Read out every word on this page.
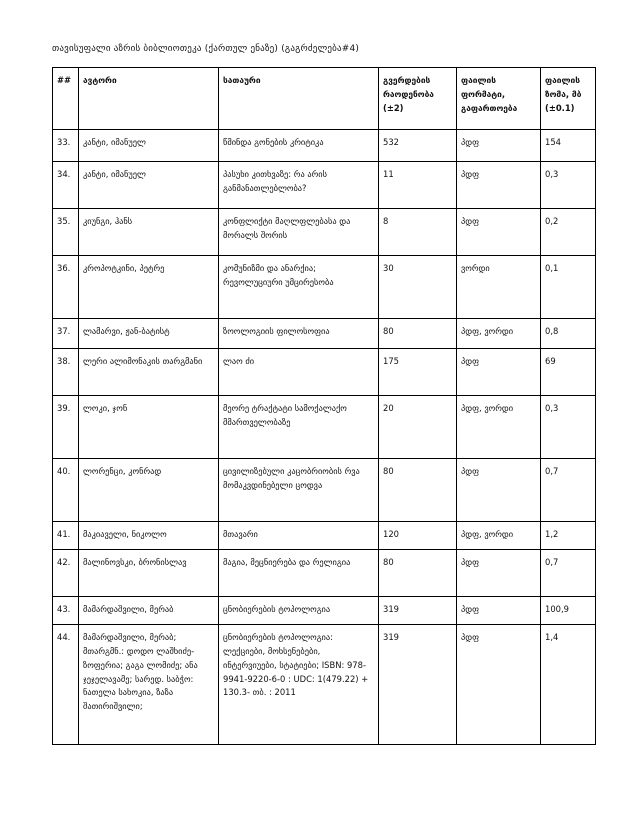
თავისუფალი აზრის ბიბლიოთეკა (ქართულ ენაზე) (გაგრძელება#4)
##	ავტორი	სათაური	გვერდების რაოდენობა (±2)	ფაილის ფორმატი, გაფართოება	ფაილის ზომა, მბ (±0.1)
33.	კანტი, იმანუელ	წმინდა გონების კრიტიკა	532	პდფ	154
34.	კანტი, იმანუელ	პასუხი კითხვაზე: რა არის განმანათლებლობა?	11	პდფ	0,3
35.	კიუნგი, ჰანს	კონფლიქტი მაღლფლებასა და მორალს შორის	8	პდფ	0,2
36.	კროპოტკინი, პეტრე	კომუნიზმი და ანარქია; რევოლუციური უმცირესობა	30	ვორდი	0,1
37.	ლამარვი, ჟან-ბატისტ	ზოოლოგიის ფილოსოფია	80	პდფ, ვორდი	0,8
38.	ლერი ალიმონაკის თარგმანი	ლაო ძი	175	პდფ	69
39.	ლოკი, ჯონ	მეორე ტრაქტატი სამოქალაქო მმართველობაზე	20	პდფ, ვორდი	0,3
40.	ლორენცი, კონრად	ცივილიზებული კაცობრიობის რვა მომაკვდინებელი ცოდვა	80	პდფ	0,7
41.	მაკიაველი, ნიკოლო	მთავარი	120	პდფ, ვორდი	1,2
42.	მალინოვსკი, ბრონისლავ	მაგია, მეცნიერება და რელიგია	80	პდფ	0,7
43.	მამარდაშვილი, მერაბ	ცნობიერების ტოპოლოგია	319	პდფ	100,9
44.	მამარდაშვილი, მერაბ; მთარგმნ.: დოდო ლაშხიძე-ზოფერია; გაგა ლომიძე; ანა ჯეჯელავამე; სარედ. საბჭო: ნათელა სახოკია, ზაზა შათირიშვილი;	ცნობიერების ტოპოლოგია: ლექციები, მოხსენებები, ინტერვიუები, სტატიები; ISBN: 978-9941-9220-6-0 : UDC: 1(479.22) + 130.3- თბ. : 2011	319	პდფ	1,4
